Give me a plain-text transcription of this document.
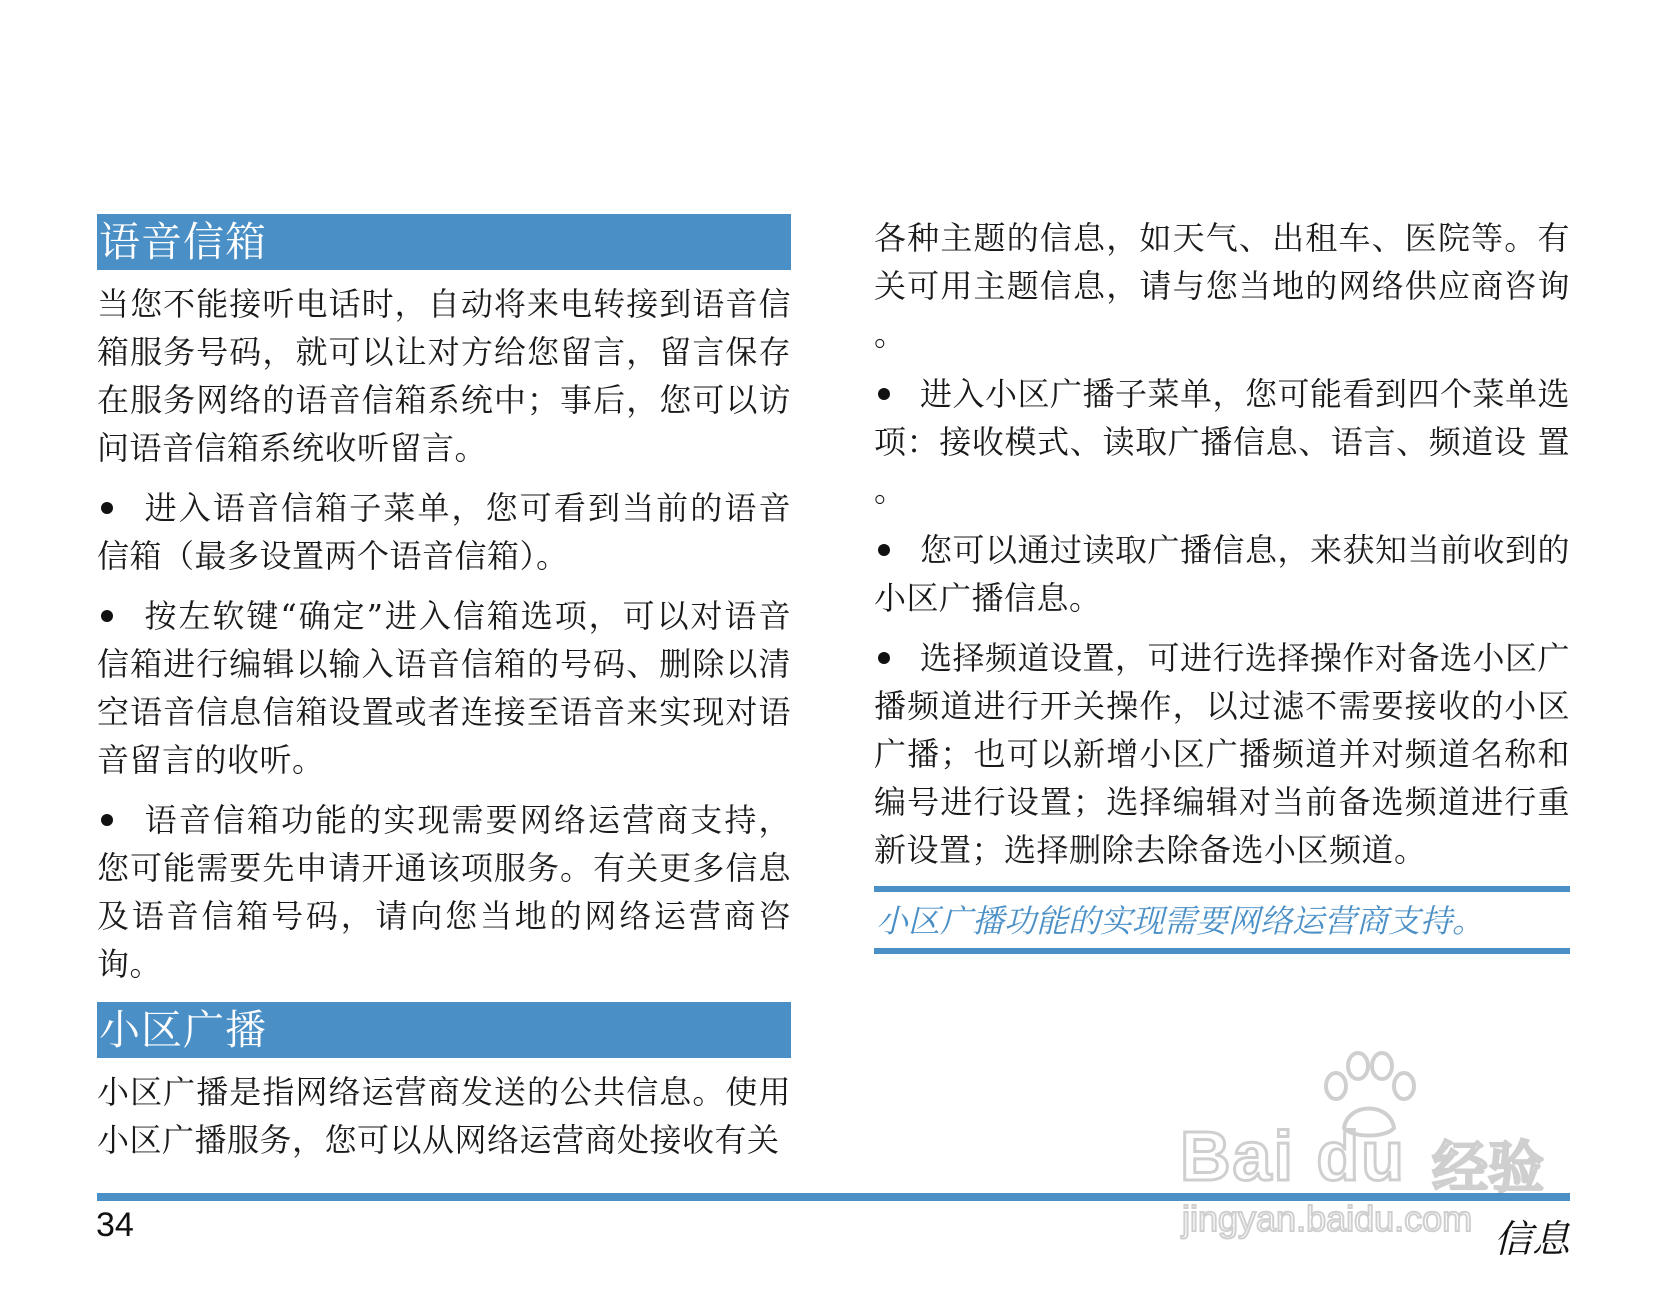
语音信箱

当您不能接听电话时，自动将来电转接到语音信箱服务号码，就可以让对方给您留言，留言保存在服务网络的语音信箱系统中；事后，您可以访问语音信箱系统收听留言。

进入语音信箱子菜单，您可看到当前的语音信箱（最多设置两个语音信箱）。

按左软键“确定”进入信箱选项，可以对语音信箱进行编辑以输入语音信箱的号码、删除以清空语音信息信箱设置或者连接至语音来实现对语音留言的收听。

语音信箱功能的实现需要网络运营商支持，您可能需要先申请开通该项服务。有关更多信息及语音信箱号码，请向您当地的网络运营商咨询。

小区广播

小区广播是指网络运营商发送的公共信息。使用小区广播服务，您可以从网络运营商处接收有关

各种主题的信息，如天气、出租车、医院等。有关可用主题信息，请与您当地的网络供应商咨询 。

进入小区广播子菜单，您可能看到四个菜单选项：接收模式、读取广播信息、语言、频道设 置 。

您可以通过读取广播信息，来获知当前收到的小区广播信息。

选择频道设置，可进行选择操作对备选小区广播频道进行开关操作，以过滤不需要接收的小区广播；也可以新增小区广播频道并对频道名称和编号进行设置；选择编辑对当前备选频道进行重新设置；选择删除去除备选小区频道。

小区广播功能的实现需要网络运营商支持。
34	信息
Bai du 经验
jingyan.baidu.com
